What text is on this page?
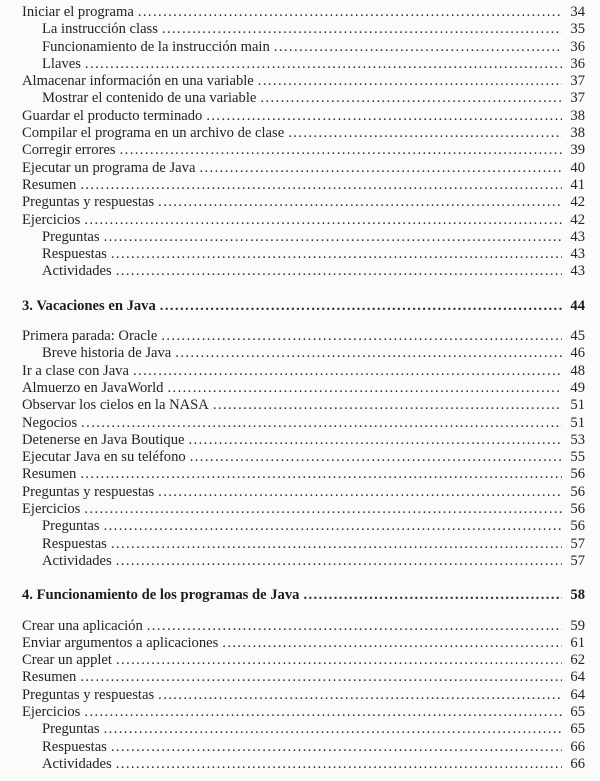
Iniciar el programa .....	34
La instrucción class .....	35
Funcionamiento de la instrucción main .....	36
Llaves .....	36
Almacenar información en una variable .....	37
Mostrar el contenido de una variable .....	37
Guardar el producto terminado .....	38
Compilar el programa en un archivo de clase .....	38
Corregir errores .....	39
Ejecutar un programa de Java .....	40
Resumen .....	41
Preguntas y respuestas .....	42
Ejercicios .....	42
Preguntas .....	43
Respuestas .....	43
Actividades .....	43
3. Vacaciones en Java .....	44
Primera parada: Oracle .....	45
Breve historia de Java .....	46
Ir a clase con Java .....	48
Almuerzo en JavaWorld .....	49
Observar los cielos en la NASA .....	51
Negocios .....	51
Detenerse en Java Boutique .....	53
Ejecutar Java en su teléfono .....	55
Resumen .....	56
Preguntas y respuestas .....	56
Ejercicios .....	56
Preguntas .....	56
Respuestas .....	57
Actividades .....	57
4. Funcionamiento de los programas de Java .....	58
Crear una aplicación .....	59
Enviar argumentos a aplicaciones .....	61
Crear un applet .....	62
Resumen .....	64
Preguntas y respuestas .....	64
Ejercicios .....	65
Preguntas .....	65
Respuestas .....	66
Actividades .....	66
